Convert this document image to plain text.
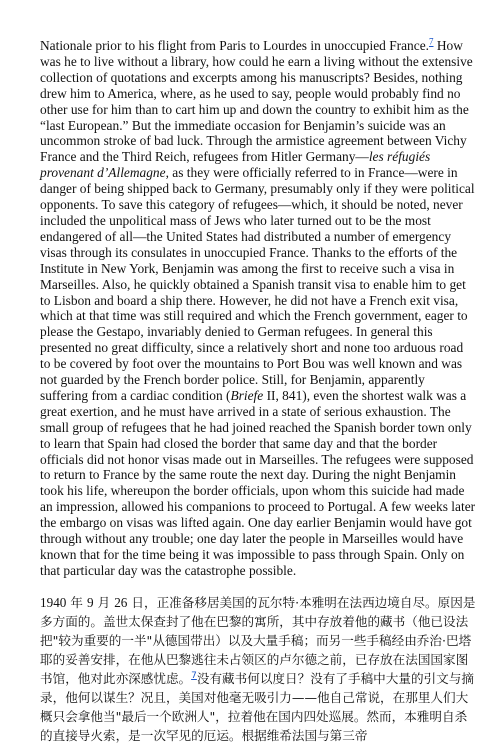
Nationale prior to his flight from Paris to Lourdes in unoccupied France.$^7$ How was he to live without a library, how could he earn a living without the extensive collection of quotations and excerpts among his manuscripts? Besides, nothing drew him to America, where, as he used to say, people would probably find no other use for him than to cart him up and down the country to exhibit him as the “last European.” But the immediate occasion for Benjamin’s suicide was an uncommon stroke of bad luck. Through the armistice agreement between Vichy France and the Third Reich, refugees from Hitler Germany—les réfugiés provenant d’Allemagne, as they were officially referred to in France—were in danger of being shipped back to Germany, presumably only if they were political opponents. To save this category of refugees—which, it should be noted, never included the unpolitical mass of Jews who later turned out to be the most endangered of all—the United States had distributed a number of emergency visas through its consulates in unoccupied France. Thanks to the efforts of the Institute in New York, Benjamin was among the first to receive such a visa in Marseilles. Also, he quickly obtained a Spanish transit visa to enable him to get to Lisbon and board a ship there. However, he did not have a French exit visa, which at that time was still required and which the French government, eager to please the Gestapo, invariably denied to German refugees. In general this presented no great difficulty, since a relatively short and none too arduous road to be covered by foot over the mountains to Port Bou was well known and was not guarded by the French border police. Still, for Benjamin, apparently suffering from a cardiac condition (Briefe II, 841), even the shortest walk was a great exertion, and he must have arrived in a state of serious exhaustion. The small group of refugees that he had joined reached the Spanish border town only to learn that Spain had closed the border that same day and that the border officials did not honor visas made out in Marseilles. The refugees were supposed to return to France by the same route the next day. During the night Benjamin took his life, whereupon the border officials, upon whom this suicide had made an impression, allowed his companions to proceed to Portugal. A few weeks later the embargo on visas was lifted again. One day earlier Benjamin would have got through without any trouble; one day later the people in Marseilles would have known that for the time being it was impossible to pass through Spain. Only on that particular day was the catastrophe possible.

1940 年 9 月 26 日，正准备移居美国的瓦尔特·本雅明在法西边境自尽。原因是多方面的。盖世太保查封了他在巴黎的寓所，其中存放着他的藏书（他已设法把"较为重要的一半"从德国带出）以及大量手稿；而另一些手稿经由乔治·巴塔耶的妥善安排，在他从巴黎逃往未占领区的卢尔德之前，已存放在法国国家图书馆，他对此亦深感忧虑。$^7$没有藏书何以度日？没有了手稿中大量的引文与摘录，他何以谋生？况且，美国对他毫无吸引力——他自己常说，在那里人们大概只会拿他当"最后一个欧洲人"，拉着他在国内四处巡展。然而，本雅明自杀的直接导火索，是一次罕见的厄运。根据维希法国与第三帝
